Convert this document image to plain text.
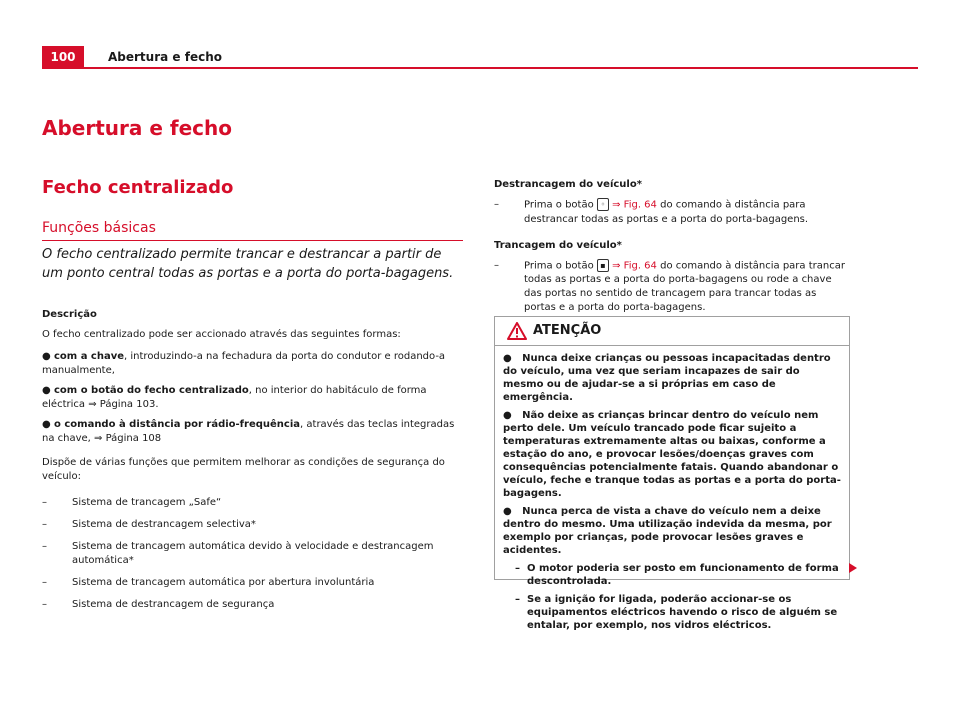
100	Abertura e fecho
Abertura e fecho
Fecho centralizado
Funções básicas
O fecho centralizado permite trancar e destrancar a partir de um ponto central todas as portas e a porta do porta-bagagens.
Descrição
O fecho centralizado pode ser accionado através das seguintes formas:
● com a chave, introduzindo-a na fechadura da porta do condutor e rodando-a manualmente,
● com o botão do fecho centralizado, no interior do habitáculo de forma eléctrica ⇒ Página 103.
● o comando à distância por rádio-frequência, através das teclas integradas na chave, ⇒ Página 108
Dispõe de várias funções que permitem melhorar as condições de segurança do veículo:
–	Sistema de trancagem „Safe“
–	Sistema de destrancagem selectiva*
–	Sistema de trancagem automática devido à velocidade e destrancagem automática*
–	Sistema de trancagem automática por abertura involuntária
–	Sistema de destrancagem de segurança
Destrancagem do veículo*
–	Prima o botão ◦ ⇒ Fig. 64 do comando à distância para destrancar todas as portas e a porta do porta-bagagens.
Trancagem do veículo*
–	Prima o botão ▪ ⇒ Fig. 64 do comando à distância para trancar todas as portas e a porta do porta-bagagens ou rode a chave das portas no sentido de trancagem para trancar todas as portas e a porta do porta-bagagens.
ATENÇÃO

●   Nunca deixe crianças ou pessoas incapacitadas dentro do veículo, uma vez que seriam incapazes de sair do mesmo ou de ajudar-se a si próprias em caso de emergência.

●   Não deixe as crianças brincar dentro do veículo nem perto dele. Um veículo trancado pode ficar sujeito a temperaturas extremamente altas ou baixas, conforme a estação do ano, e provocar lesões/doenças graves com consequências potencialmente fatais. Quando abandonar o veículo, feche e tranque todas as portas e a porta do porta-bagagens.

●   Nunca perca de vista a chave do veículo nem a deixe dentro do mesmo. Uma utilização indevida da mesma, por exemplo por crianças, pode provocar lesões graves e acidentes.

– O motor poderia ser posto em funcionamento de forma descontrolada.
– Se a ignição for ligada, poderão accionar-se os equipamentos eléctricos havendo o risco de alguém se entalar, por exemplo, nos vidros eléctricos.
